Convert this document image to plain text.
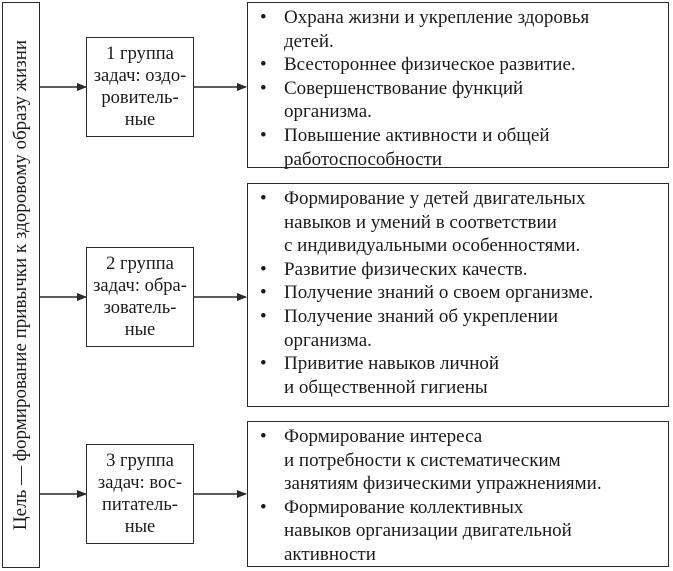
Цель — формирование привычки к здоровому образу жизни	1 группа
задач: оздо-
ровитель-
ные
• Охрана жизни и укрепление здоровья
детей.
• Всестороннее физическое развитие.
• Совершенствование функций
организма.
• Повышение активности и общей
работоспособности
2 группа
задач: обра-
зователь-
ные
• Формирование у детей двигательных
навыков и умений в соответствии
с индивидуальными особенностями.
• Развитие физических качеств.
• Получение знаний о своем организме.
• Получение знаний об укреплении
организма.
• Привитие навыков личной
и общественной гигиены
3 группа
задач: вос-
питатель-
ные
• Формирование интереса
и потребности к систематическим
занятиям физическими упражнениями.
• Формирование коллективных
навыков организации двигательной
активности
